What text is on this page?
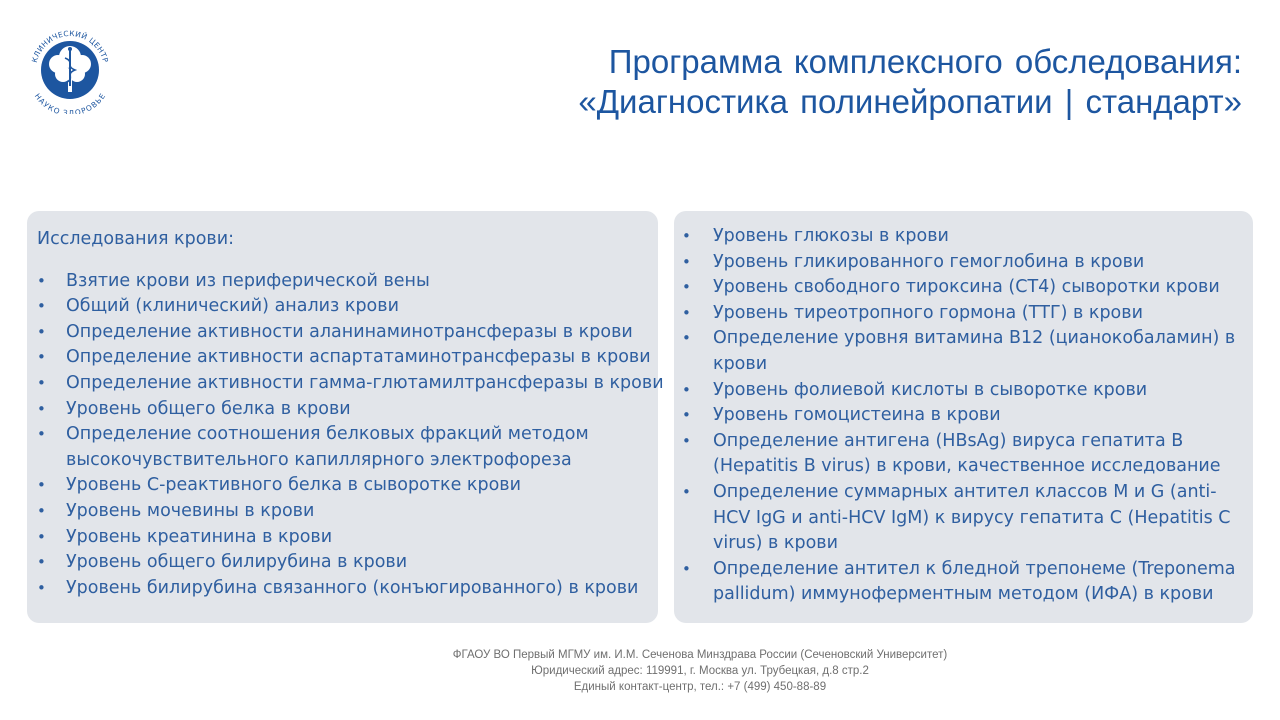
КЛИНИЧЕСКИЙ ЦЕНТР
НАУКО ЗДОРОВЬЕ
Программа комплексного обследования:
«Диагностика полинейропатии | стандарт»
Исследования крови:
• Взятие крови из периферической вены
• Общий (клинический) анализ крови
• Определение активности аланинаминотрансферазы в крови
• Определение активности аспартатаминотрансферазы в крови
• Определение активности гамма-глютамилтрансферазы в крови
• Уровень общего белка в крови
• Определение соотношения белковых фракций методом высокочувствительного капиллярного электрофореза
• Уровень С-реактивного белка в сыворотке крови
• Уровень мочевины в крови
• Уровень креатинина в крови
• Уровень общего билирубина в крови
• Уровень билирубина связанного (конъюгированного) в крови
• Уровень глюкозы в крови
• Уровень гликированного гемоглобина в крови
• Уровень свободного тироксина (СТ4) сыворотки крови
• Уровень тиреотропного гормона (ТТГ) в крови
• Определение уровня витамина В12 (цианокобаламин) в крови
• Уровень фолиевой кислоты в сыворотке крови
• Уровень гомоцистеина в крови
• Определение антигена (HBsAg) вируса гепатита В (Hepatitis B virus) в крови, качественное исследование
• Определение суммарных антител классов M и G (anti-HCV IgG и anti-HCV IgM) к вирусу гепатита С (Hepatitis C virus) в крови
• Определение антител к бледной трепонеме (Treponema pallidum) иммуноферментным методом (ИФА) в крови
ФГАОУ ВО Первый МГМУ им. И.М. Сеченова Минздрава России (Сеченовский Университет)
Юридический адрес: 119991, г. Москва ул. Трубецкая, д.8 стр.2
Единый контакт-центр, тел.: +7 (499) 450-88-89
